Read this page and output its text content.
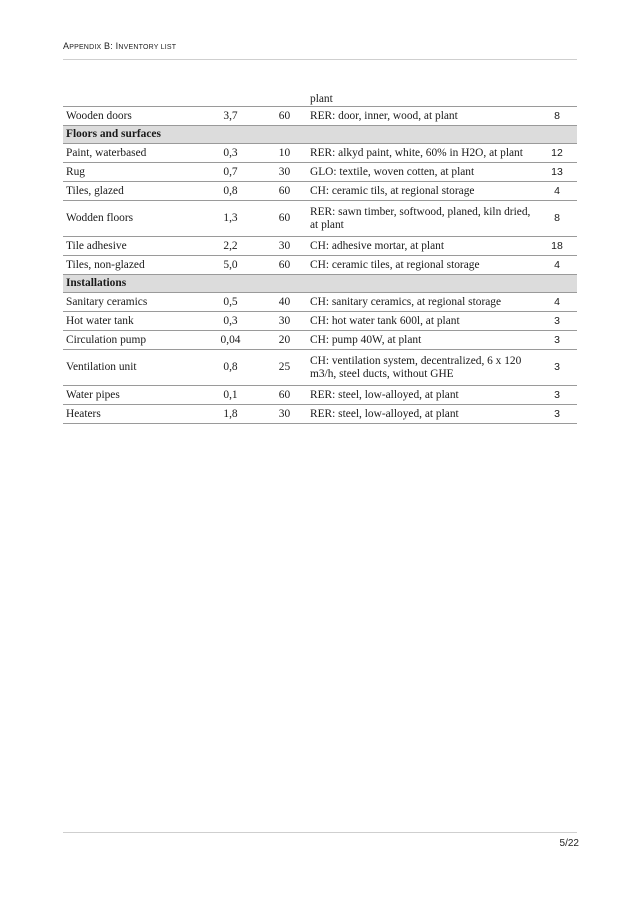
APPENDIX B: INVENTORY LIST
			plant	
Wooden doors	3,7	60	RER: door, inner, wood, at plant	8
Floors and surfaces				
Paint, waterbased	0,3	10	RER: alkyd paint, white, 60% in H2O, at plant	12
Rug	0,7	30	GLO: textile, woven cotten, at plant	13
Tiles, glazed	0,8	60	CH: ceramic tils, at regional storage	4
Wodden floors	1,3	60	RER: sawn timber, softwood, planed, kiln dried, at plant	8
Tile adhesive	2,2	30	CH: adhesive mortar, at plant	18
Tiles, non-glazed	5,0	60	CH: ceramic tiles, at regional storage	4
Installations				
Sanitary ceramics	0,5	40	CH: sanitary ceramics, at regional storage	4
Hot water tank	0,3	30	CH: hot water tank 600l, at plant	3
Circulation pump	0,04	20	CH: pump 40W, at plant	3
Ventilation unit	0,8	25	CH: ventilation system, decentralized, 6 x 120 m3/h, steel ducts, without GHE	3
Water pipes	0,1	60	RER: steel, low-alloyed, at plant	3
Heaters	1,8	30	RER: steel, low-alloyed, at plant	3
5/22
